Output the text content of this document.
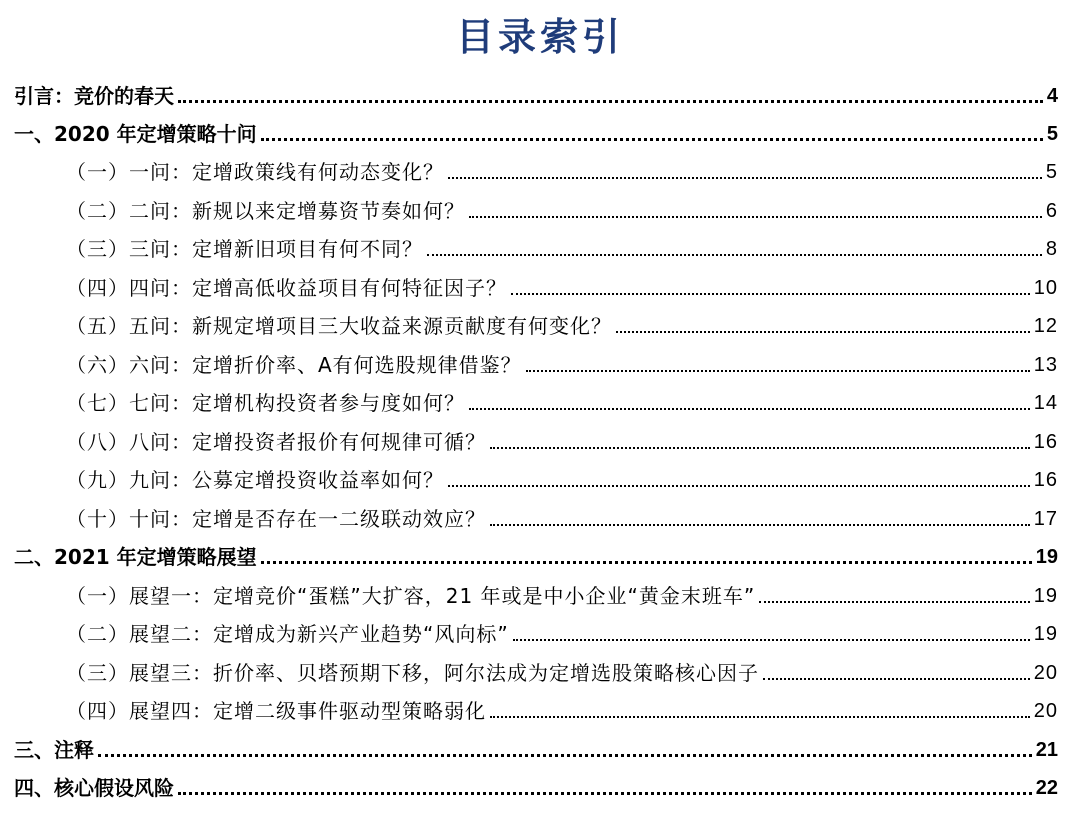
目录索引
引言：竞价的春天	4
一、2020 年定增策略十问	5
（一）一问：定增政策线有何动态变化？	5
（二）二问：新规以来定增募资节奏如何？	6
（三）三问：定增新旧项目有何不同？	8
（四）四问：定增高低收益项目有何特征因子？	10
（五）五问：新规定增项目三大收益来源贡献度有何变化？	12
（六）六问：定增折价率、A有何选股规律借鉴？	13
（七）七问：定增机构投资者参与度如何？	14
（八）八问：定增投资者报价有何规律可循？	16
（九）九问：公募定增投资收益率如何？	16
（十）十问：定增是否存在一二级联动效应？	17
二、2021 年定增策略展望	19
（一）展望一：定增竞价“蛋糕”大扩容，21 年或是中小企业“黄金末班车”	19
（二）展望二：定增成为新兴产业趋势“风向标”	19
（三）展望三：折价率、贝塔预期下移，阿尔法成为定增选股策略核心因子	20
（四）展望四：定增二级事件驱动型策略弱化	20
三、注释	21
四、核心假设风险	22
